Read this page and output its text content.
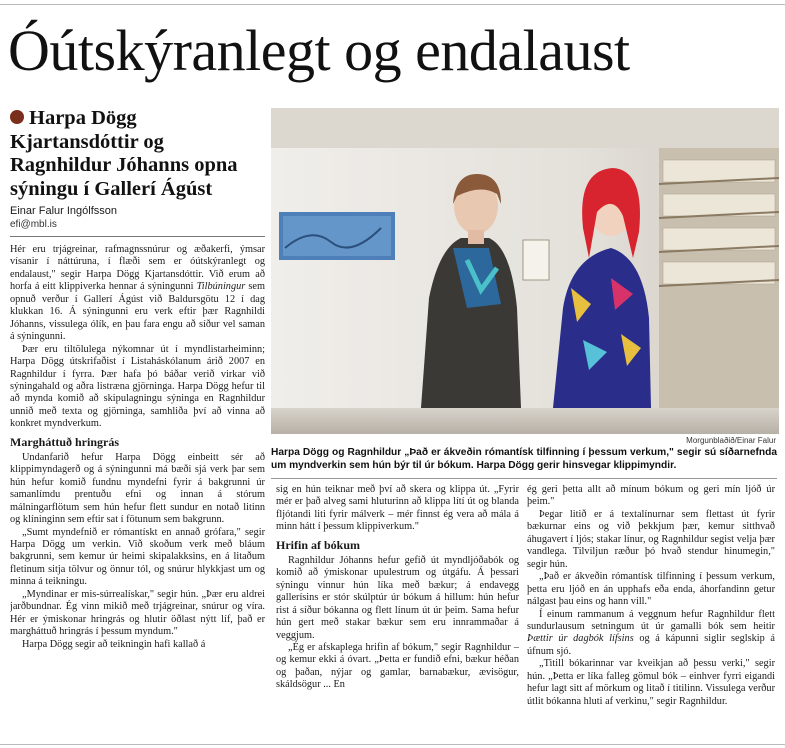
Óútskýranlegt og endalaust
Harpa Dögg Kjartansdóttir og Ragnhildur Jóhanns opna sýningu í Gallerí Ágúst
Einar Falur Ingólfsson
efi@mbl.is

Hér eru trjágreinar, rafmagnssnúrur og æðakerfi, ýmsar vísanir í náttúruna, í flæði sem er óútskýranlegt og endalaust," segir Harpa Dögg Kjartansdóttir. Við erum að horfa á eitt klippiverka hennar á sýningunni Tilbúningur sem opnuð verður í Gallerí Ágúst við Baldursgötu 12 í dag klukkan 16. Á sýningunni eru verk eftir þær Ragnhildi Jóhanns, vissulega ólík, en þau fara engu að síður vel saman á sýningunni.

Þær eru tiltölulega nýkomnar út í myndlistarheiminn; Harpa Dögg útskrifaðist í Listaháskólanum árið 2007 en Ragnhildur í fyrra. Þær hafa þó báðar verið virkar við sýningahald og aðra listræna gjörninga. Harpa Dögg hefur til að mynda komið að skipulagningu sýninga en Ragnhildur unnið með texta og gjörninga, samhliða því að vinna að konkret myndverkum.

Margháttuð hringrás

Undanfarið hefur Harpa Dögg einbeitt sér að klippimyndagerð og á sýningunni má bæði sjá verk þar sem hún hefur komið fundnu myndefni fyrir á bakgrunni úr samanlímdu prentuðu efni og innan á stórum málningarflötum sem hún hefur flett sundur en notað litinn og klíninginn sem eftir sat í fötunum sem bakgrunn.

„Sumt myndefnið er rómantískt en annað grófara," segir Harpa Dögg um verkin. Við skoðum verk með bláum bakgrunni, sem kemur úr heimi skipalakksins, en á litaðum fletinum sitja tölvur og önnur tól, og snúrur hlykkjast um og minna á teikningu.

„Myndinar er mis-súrrealískar," segir hún. „Þær eru aldrei jarðbundnar. Ég vinn mikið með trjágreinar, snúrur og víra. Hér er ýmiskonar hringrás og hlutir öðlast nýtt líf, það er margháttuð hringrás í þessum myndum."

Harpa Dögg segir að teikningin hafi kallað á

Morgunblaðið/Einar Falur
Harpa Dögg og Ragnhildur „Það er ákveðin rómantísk tilfinning í þessum verkum," segir sú síðarnefnda um myndverkin sem hún býr til úr bókum. Harpa Dögg gerir hinsvegar klippimyndir.

sig en hún teiknar með því að skera og klippa út. „Fyrir mér er það alveg sami hluturinn að klippa lítí út og blanda fljótandi liti fyrir málverk – mér finnst ég vera að mála á minn hátt í þessum klippiverkum."

Hrifin af bókum

Ragnhildur Jóhanns hefur gefið út myndljóðabók og komið að ýmiskonar upulestrum og útgáfu. Á þessari sýningu vinnur hún líka með bækur; á endavegg gallerísins er stór skúlptúr úr bókum á hillum: hún hefur rist á síður bókanna og flett línum út úr þeim. Sama hefur hún gert með stakar bækur sem eru innrammaðar á veggjum.

„Ég er afskaplega hrifin af bókum," segir Ragnhildur – og kemur ekki á óvart. „Þetta er fundið efni, bækur héðan og þaðan, nýjar og gamlar, barnabækur, ævisögur, skáldsögur ... En

ég geri þetta allt að mínum bókum og geri mín ljóð úr þeim."

Þegar litið er á textalínurnar sem flettast út fyrir bækurnar eins og við þekkjum þær, kemur sitthvað áhugavert í ljós; stakar línur, og Ragnhildur segist velja þær vandlega. Tilviljun ræður þó hvað stendur hinumegin," segir hún.

„Það er ákveðin rómantísk tilfinning í þessum verkum, þetta eru ljóð en án upphafs eða enda, áhorfandinn getur nálgast þau eins og hann vill."

Í einum rammanum á veggnum hefur Ragnhildur flett sundurlausum setningum út úr gamalli bók sem heitir Þættir úr dagbók lífsins og á kápunni siglir seglskip á úfnum sjó.

„Titill bókarinnar var kveikjan að þessu verki," segir hún. „Þetta er líka falleg gömul bók – einhver fyrri eigandi hefur lagt sitt af mörkum og litað í titilinn. Vissulega verður útlit bókanna hluti af verkinu," segir Ragnhildur.
